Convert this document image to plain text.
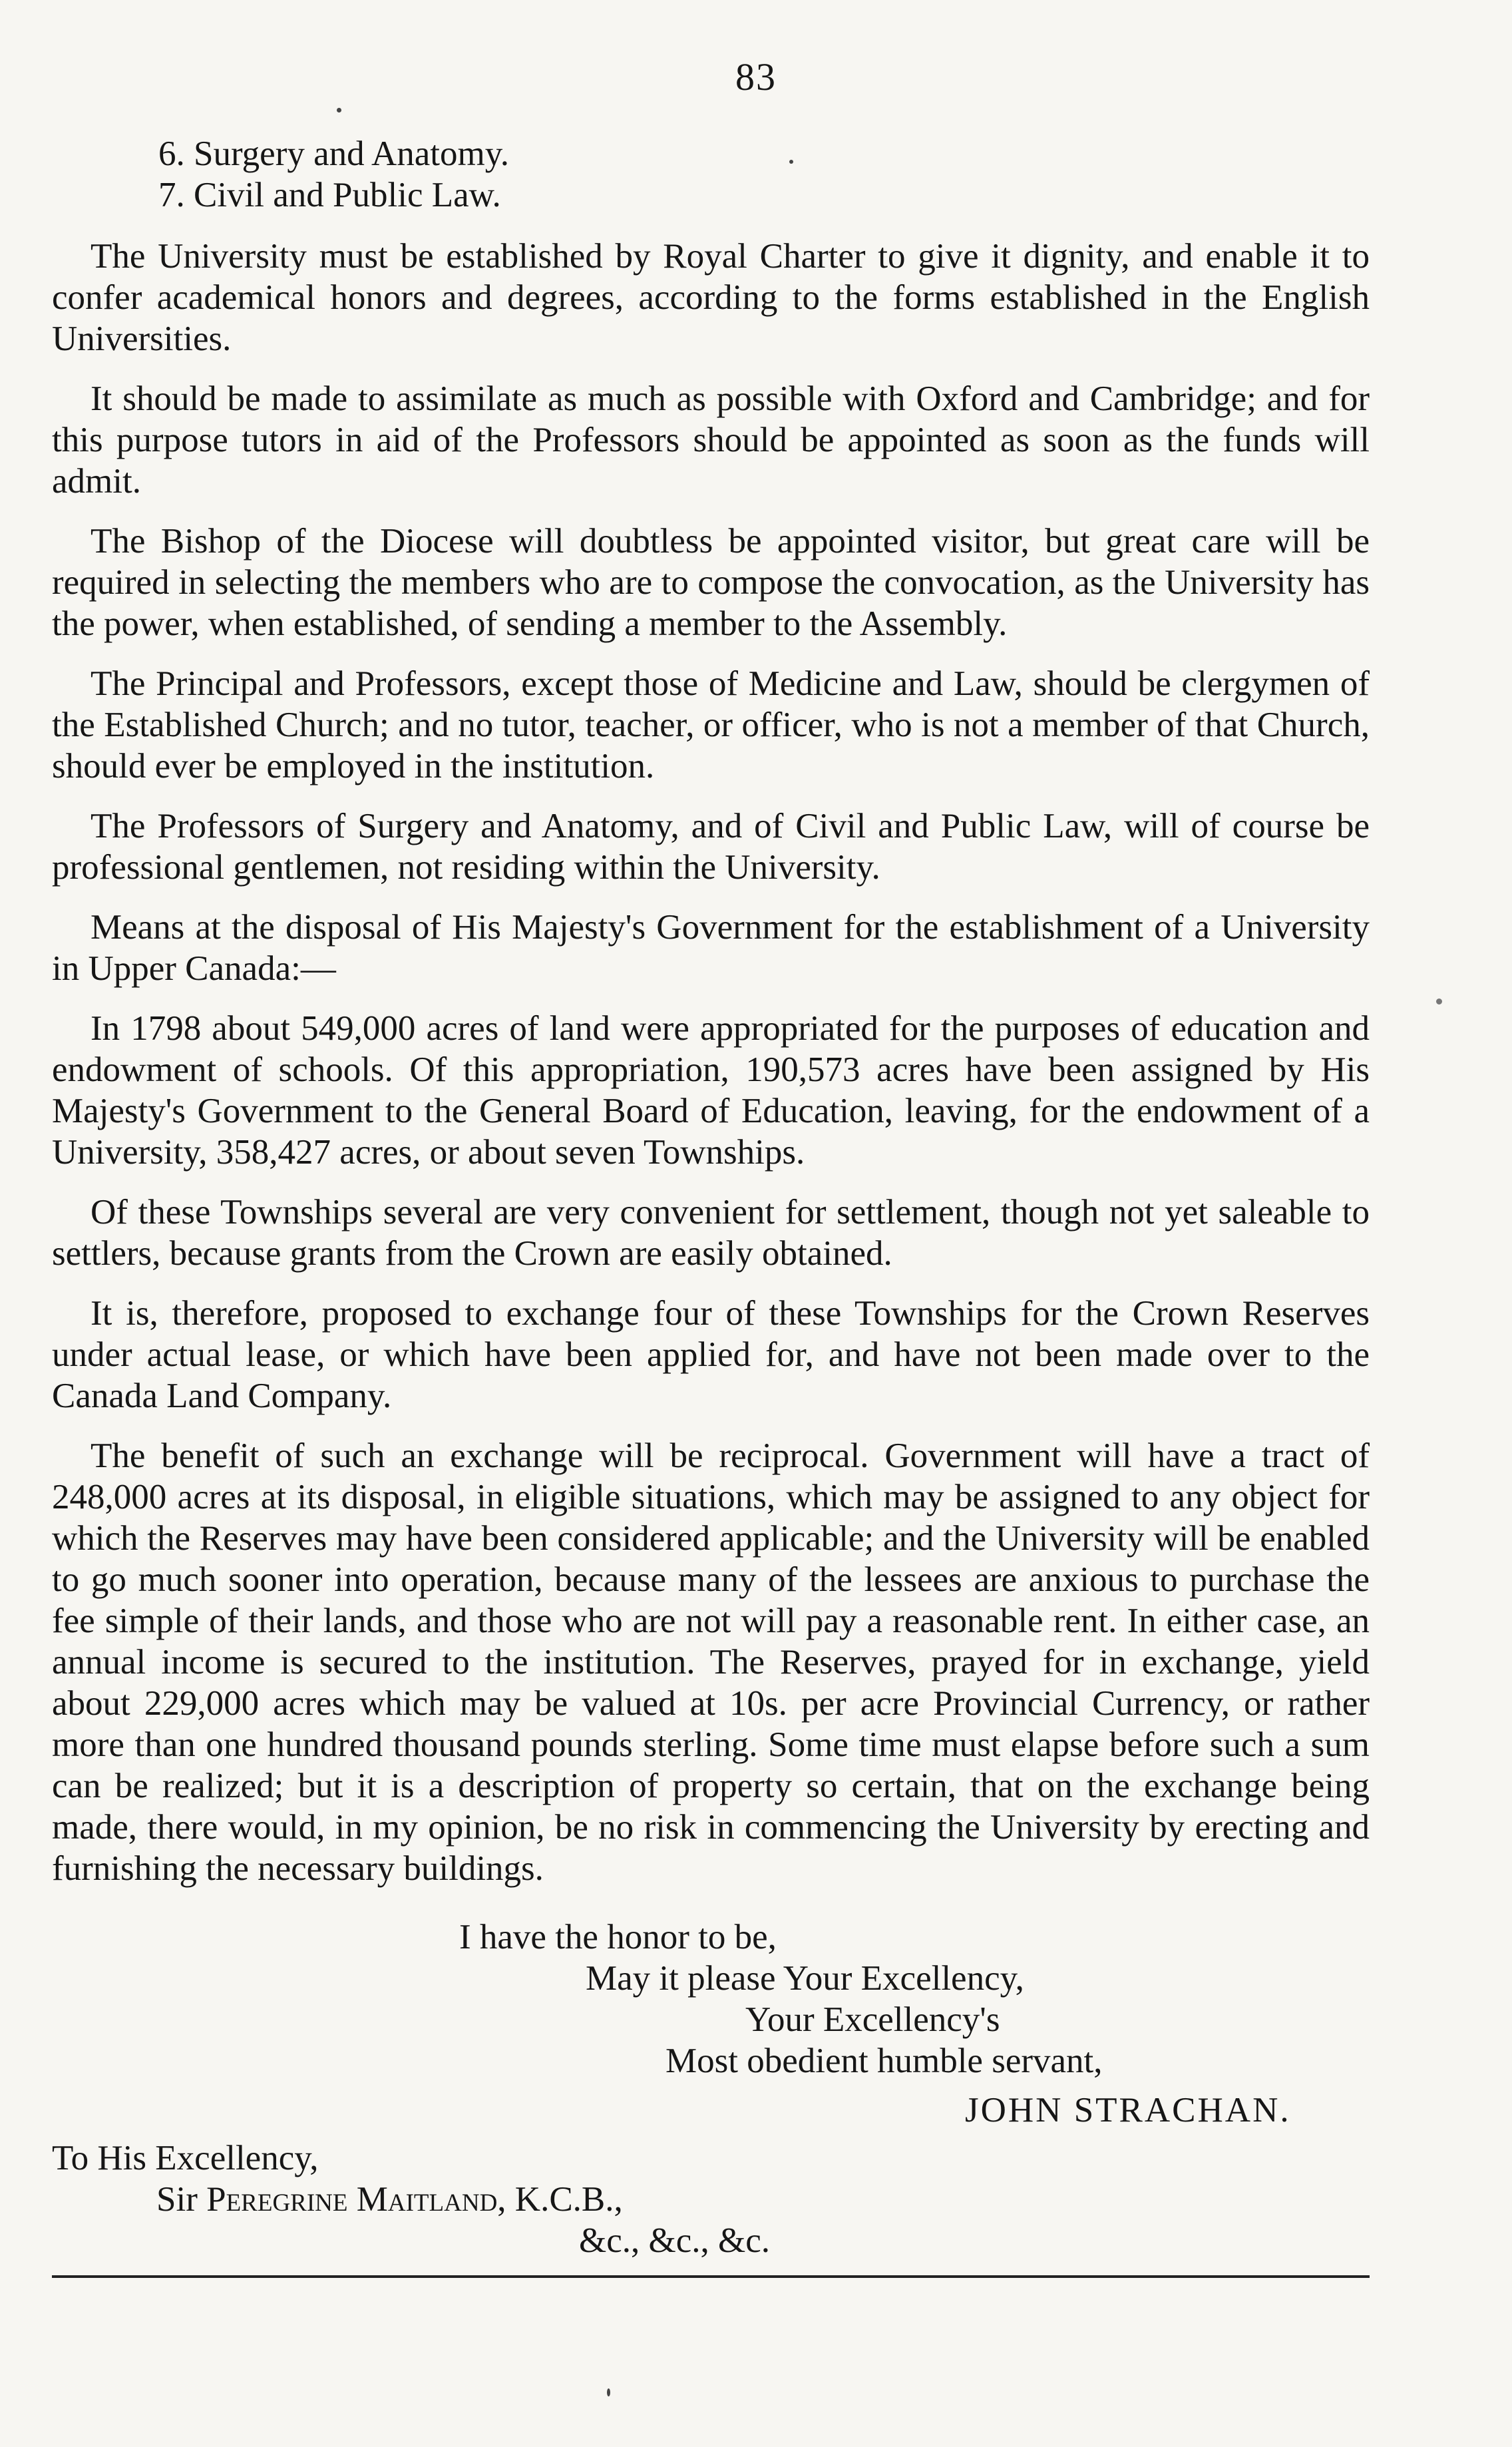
83
6. Surgery and Anatomy.
7. Civil and Public Law.

The University must be established by Royal Charter to give it dignity, and enable it to confer academical honors and degrees, according to the forms established in the English Universities.

It should be made to assimilate as much as possible with Oxford and Cambridge; and for this purpose tutors in aid of the Professors should be appointed as soon as the funds will admit.

The Bishop of the Diocese will doubtless be appointed visitor, but great care will be required in selecting the members who are to compose the convocation, as the University has the power, when established, of sending a member to the Assembly.

The Principal and Professors, except those of Medicine and Law, should be clergymen of the Established Church; and no tutor, teacher, or officer, who is not a member of that Church, should ever be employed in the institution.

The Professors of Surgery and Anatomy, and of Civil and Public Law, will of course be professional gentlemen, not residing within the University.

Means at the disposal of His Majesty's Government for the establishment of a University in Upper Canada:—

In 1798 about 549,000 acres of land were appropriated for the purposes of education and endowment of schools. Of this appropriation, 190,573 acres have been assigned by His Majesty's Government to the General Board of Education, leaving, for the endowment of a University, 358,427 acres, or about seven Townships.

Of these Townships several are very convenient for settlement, though not yet saleable to settlers, because grants from the Crown are easily obtained.

It is, therefore, proposed to exchange four of these Townships for the Crown Reserves under actual lease, or which have been applied for, and have not been made over to the Canada Land Company.

The benefit of such an exchange will be reciprocal. Government will have a tract of 248,000 acres at its disposal, in eligible situations, which may be assigned to any object for which the Reserves may have been considered applicable; and the University will be enabled to go much sooner into operation, because many of the lessees are anxious to purchase the fee simple of their lands, and those who are not will pay a reasonable rent. In either case, an annual income is secured to the institution. The Reserves, prayed for in exchange, yield about 229,000 acres which may be valued at 10s. per acre Provincial Currency, or rather more than one hundred thousand pounds sterling. Some time must elapse before such a sum can be realized; but it is a description of property so certain, that on the exchange being made, there would, in my opinion, be no risk in commencing the University by erecting and furnishing the necessary buildings.

I have the honor to be,
May it please Your Excellency,
Your Excellency's
Most obedient humble servant,
JOHN STRACHAN.
To His Excellency,
Sir Peregrine Maitland, K.C.B.,
&c., &c., &c.
